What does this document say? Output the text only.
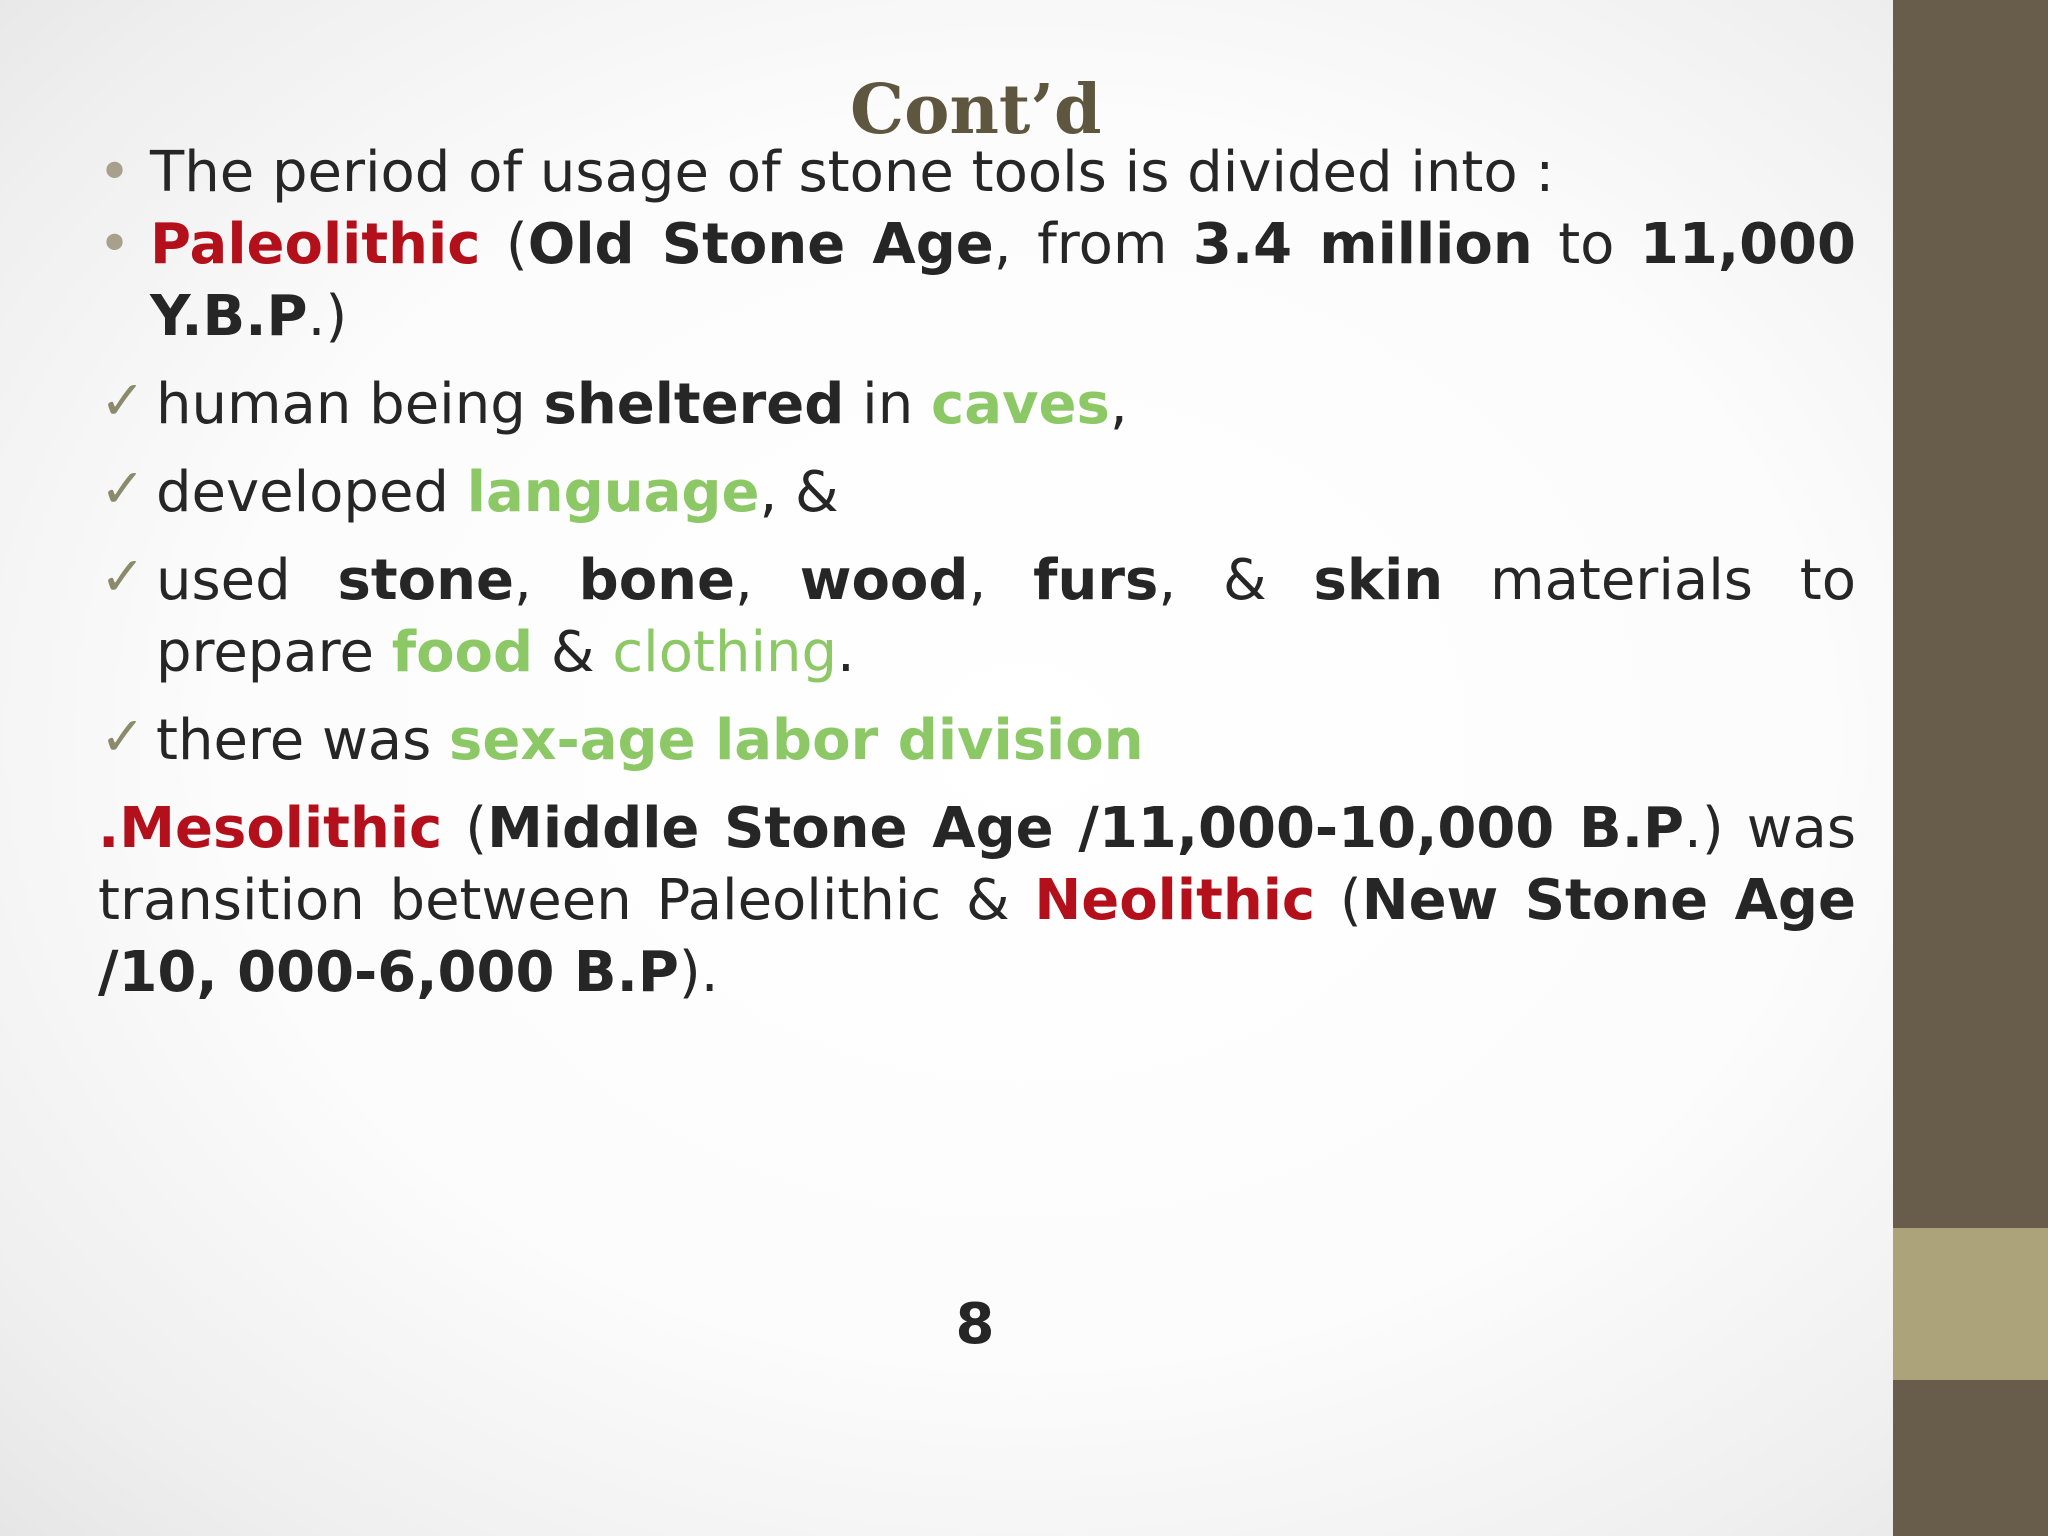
Cont’d
• The period of usage of stone tools is divided into :
• Paleolithic (Old Stone Age, from 3.4 million to 11,000 Y.B.P.)
✓ human being sheltered in caves,
✓ developed language, &
✓ used stone, bone, wood, furs, & skin materials to prepare food & clothing.
✓ there was sex-age labor division
.Mesolithic (Middle Stone Age /11,000-10,000 B.P.) was transition between Paleolithic & Neolithic (New Stone Age /10, 000-6,000 B.P).
8
